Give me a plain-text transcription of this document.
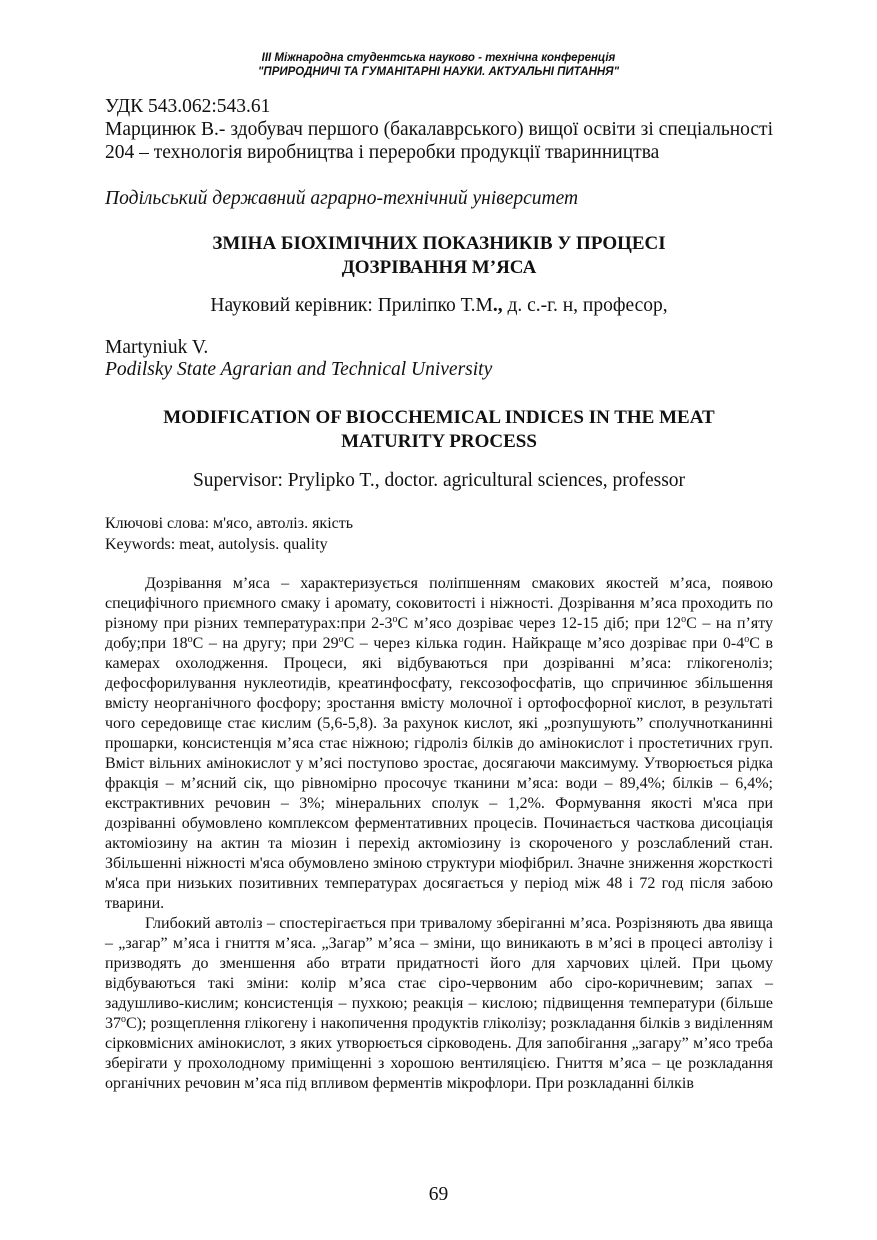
III Міжнародна студентська науково - технічна конференція
"ПРИРОДНИЧІ ТА ГУМАНІТАРНІ НАУКИ. АКТУАЛЬНІ ПИТАННЯ"
УДК 543.062:543.61
Марцинюк В.- здобувач першого (бакалаврського) вищої освіти зі спеціальності 204 – технологія виробництва і переробки продукції тваринництва
Подільський державний аграрно-технічний університет
ЗМІНА БІОХІМІЧНИХ ПОКАЗНИКІВ У ПРОЦЕСІ
ДОЗРІВАННЯ М’ЯСА
Науковий керівник: Приліпко Т.М., д. с.-г. н, професор,
Martyniuk V.
Podilsky State Agrarian and Technical University
MODIFICATION OF BIOCCHEMICAL INDICES IN THE MEAT
MATURITY PROCESS
Supervisor: Prylipko T., doctor. agricultural sciences, professor
Ключові слова: м'ясо, автоліз. якість
Keywords: meat, autolysis. quality

Дозрівання м’яса – характеризується поліпшенням смакових якостей м’яса, появою специфічного приємного смаку і аромату, соковитості і ніжності. Дозрівання м’яса проходить по різному при різних температурах:при 2-3$^o$С м’ясо дозріває через 12-15 діб; при 12$^o$С – на п’яту добу;при 18$^o$С – на другу; при 29$^o$С – через кілька годин. Найкраще м’ясо дозріває при 0-4$^o$С в камерах охолодження. Процеси, які відбуваються при дозріванні м’яса: глікогеноліз; дефосфорилування нуклеотидів, креатинфосфату, гексозофосфатів, що спричинює збільшення вмісту неорганічного фосфору; зростання вмісту молочної і ортофосфорної кислот, в результаті чого середовище стає кислим (5,6-5,8). За рахунок кислот, які „розпушують” сполучнотканинні прошарки, консистенція м’яса стає ніжною; гідроліз білків до амінокислот і простетичних груп. Вміст вільних амінокислот у м’ясі поступово зростає, досягаючи максимуму. Утворюється рідка фракція – м’ясний сік, що рівномірно просочує тканини м’яса: води – 89,4%; білків – 6,4%; екстрактивних речовин – 3%; мінеральних сполук – 1,2%. Формування якості м'яса при дозріванні обумовлено комплексом ферментативних процесів. Починається часткова дисоціація актоміозину на актин та міозин і перехід актоміозину із скороченого у розслаблений стан. Збільшенні ніжності м'яса обумовлено зміною структури міофібрил. Значне зниження жорсткості м'яса при низьких позитивних температурах досягається у період між 48 і 72 год після забою тварини.

Глибокий автоліз – спостерігається при тривалому зберіганні м’яса. Розрізняють два явища – „загар” м’яса і гниття м’яса. „Загар” м’яса – зміни, що виникають в м’ясі в процесі автолізу і призводять до зменшення або втрати придатності його для харчових цілей. При цьому відбуваються такі зміни: колір м’яса стає сіро-червоним або сіро-коричневим; запах – задушливо-кислим; консистенція – пухкою; реакція – кислою; підвищення температури (більше 37$^o$С); розщеплення глікогену і накопичення продуктів гліколізу; розкладання білків з виділенням сірковмісних амінокислот, з яких утворюється сірководень. Для запобігання „загару” м’ясо треба зберігати у прохолодному приміщенні з хорошою вентиляцією. Гниття м’яса – це розкладання органічних речовин м’яса під впливом ферментів мікрофлори. При розкладанні білків

69
